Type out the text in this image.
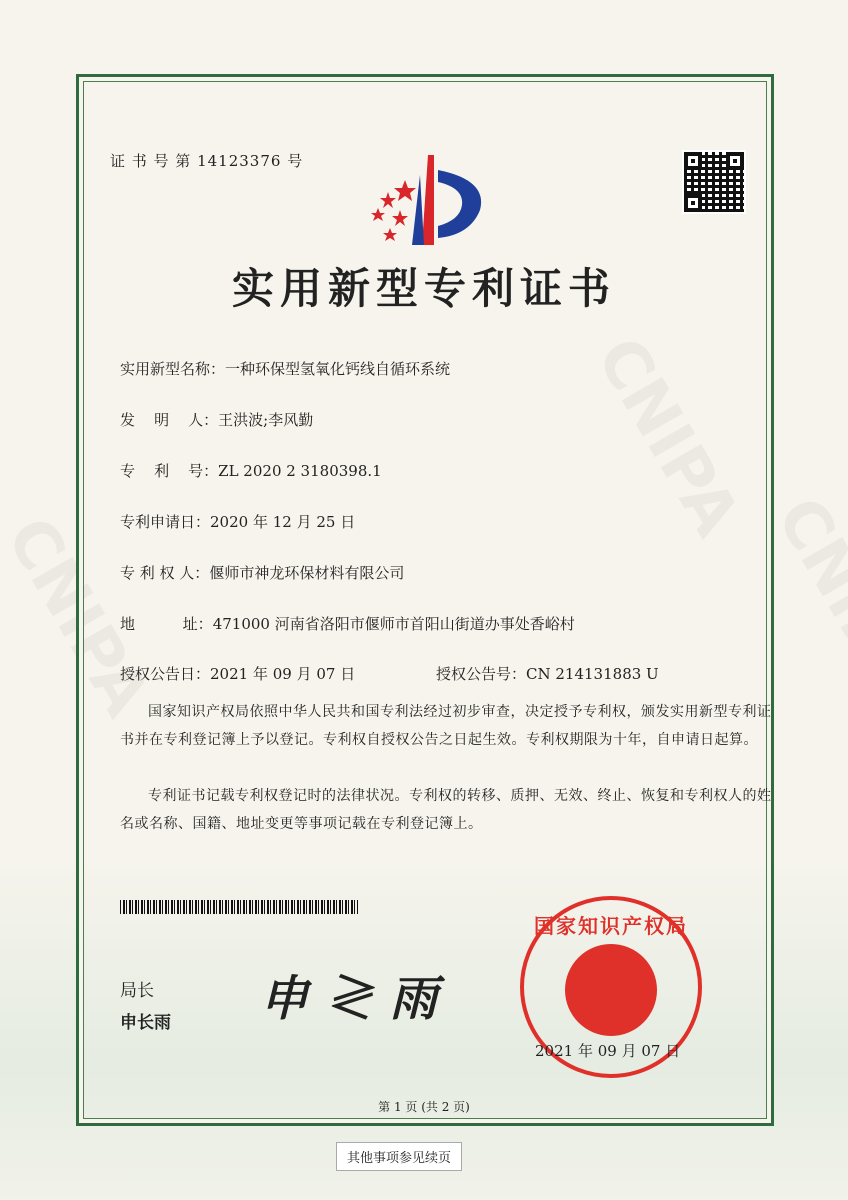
证 书 号 第 14123376 号
实用新型专利证书
实用新型名称：一种环保型氢氧化钙线自循环系统
发    明    人：王洪波;李风勤
专    利    号：ZL 2020 2 3180398.1
专利申请日：2020 年 12 月 25 日
专 利 权 人：偃师市神龙环保材料有限公司
地          址：471000 河南省洛阳市偃师市首阳山街道办事处香峪村
授权公告日：2021 年 09 月 07 日	授权公告号：CN 214131883 U
国家知识产权局依照中华人民共和国专利法经过初步审查，决定授予专利权，颁发实用新型专利证书并在专利登记簿上予以登记。专利权自授权公告之日起生效。专利权期限为十年，自申请日起算。
专利证书记载专利权登记时的法律状况。专利权的转移、质押、无效、终止、恢复和专利权人的姓名或名称、国籍、地址变更等事项记载在专利登记簿上。
局长
申长雨 申 ≷ 雨
国家知识产权局
2021 年 09 月 07 日
第 1 页 (共 2 页)
其他事项参见续页
